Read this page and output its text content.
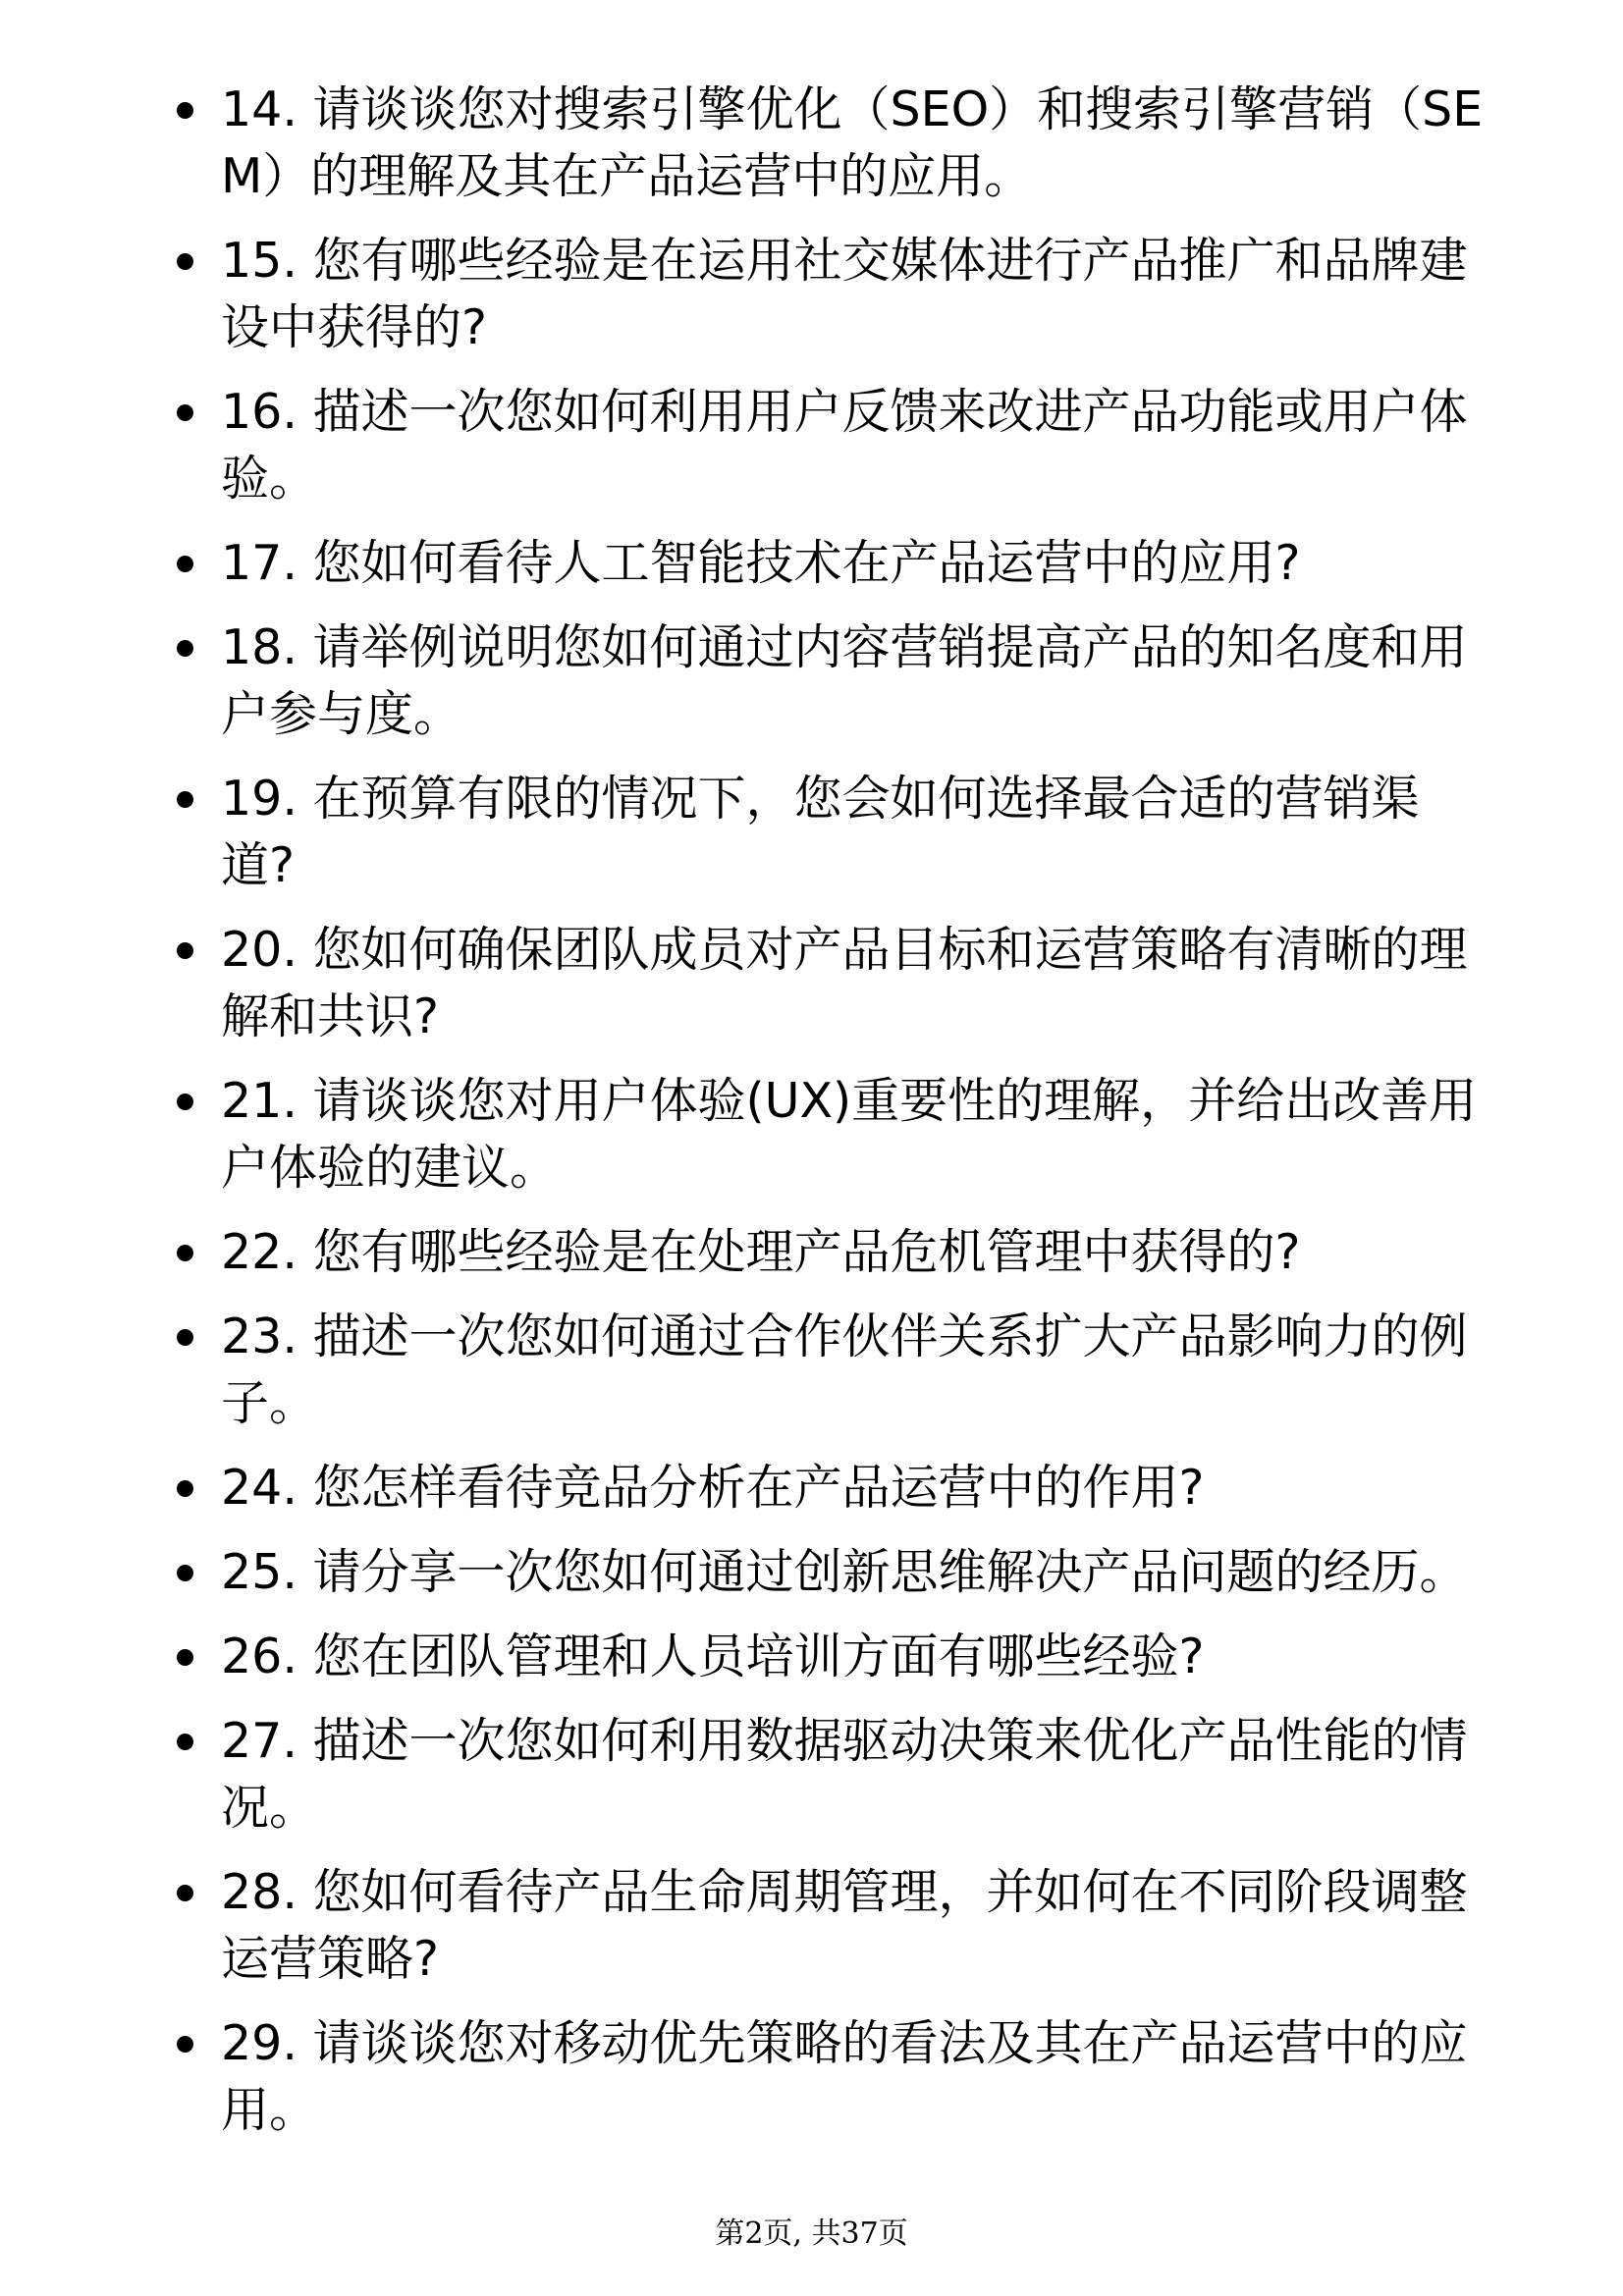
14. 请谈谈您对搜索引擎优化（SEO）和搜索引擎营销（SEM）的理解及其在产品运营中的应用。
15. 您有哪些经验是在运用社交媒体进行产品推广和品牌建设中获得的?
16. 描述一次您如何利用用户反馈来改进产品功能或用户体验。
17. 您如何看待人工智能技术在产品运营中的应用?
18. 请举例说明您如何通过内容营销提高产品的知名度和用户参与度。
19. 在预算有限的情况下，您会如何选择最合适的营销渠道?
20. 您如何确保团队成员对产品目标和运营策略有清晰的理解和共识?
21. 请谈谈您对用户体验(UX)重要性的理解，并给出改善用户体验的建议。
22. 您有哪些经验是在处理产品危机管理中获得的?
23. 描述一次您如何通过合作伙伴关系扩大产品影响力的例子。
24. 您怎样看待竞品分析在产品运营中的作用?
25. 请分享一次您如何通过创新思维解决产品问题的经历。
26. 您在团队管理和人员培训方面有哪些经验?
27. 描述一次您如何利用数据驱动决策来优化产品性能的情况。
28. 您如何看待产品生命周期管理，并如何在不同阶段调整运营策略?
29. 请谈谈您对移动优先策略的看法及其在产品运营中的应用。
第2页, 共37页
